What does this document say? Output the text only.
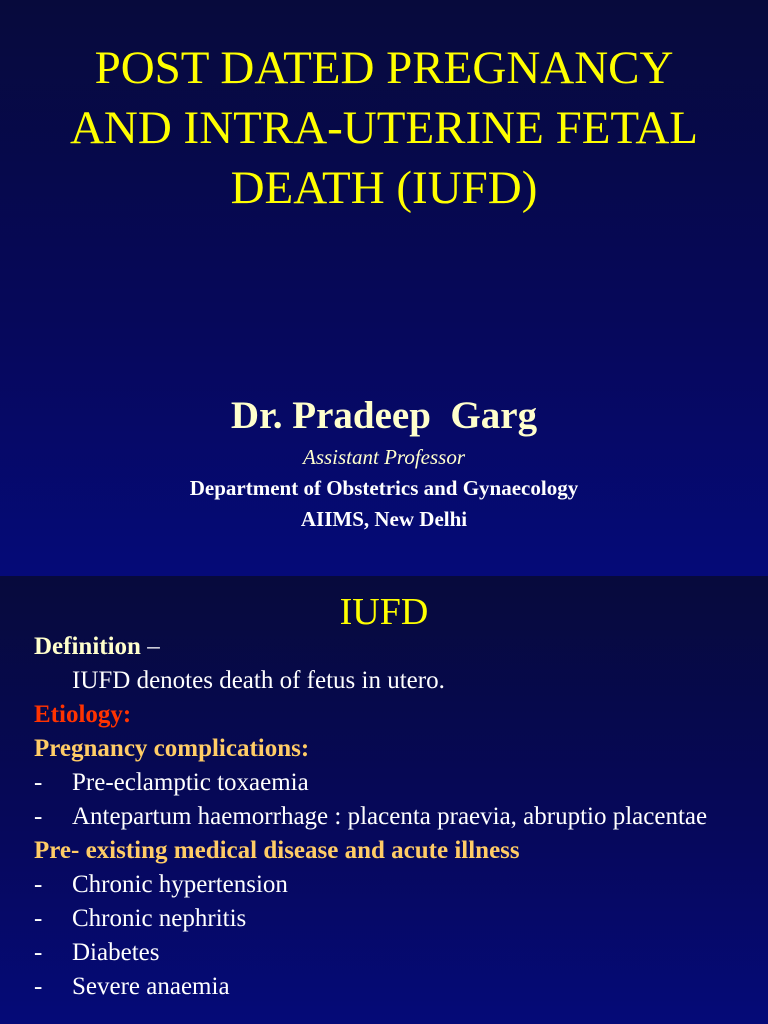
POST DATED PREGNANCY
AND INTRA-UTERINE FETAL
DEATH (IUFD)
Dr. Pradeep  Garg
Assistant Professor
Department of Obstetrics and Gynaecology
AIIMS, New Delhi
IUFD
Definition –
IUFD denotes death of fetus in utero.
Etiology:
Pregnancy complications:
- Pre-eclamptic toxaemia
- Antepartum haemorrhage : placenta praevia, abruptio placentae
Pre- existing medical disease and acute illness
- Chronic hypertension
- Chronic nephritis
- Diabetes
- Severe anaemia
